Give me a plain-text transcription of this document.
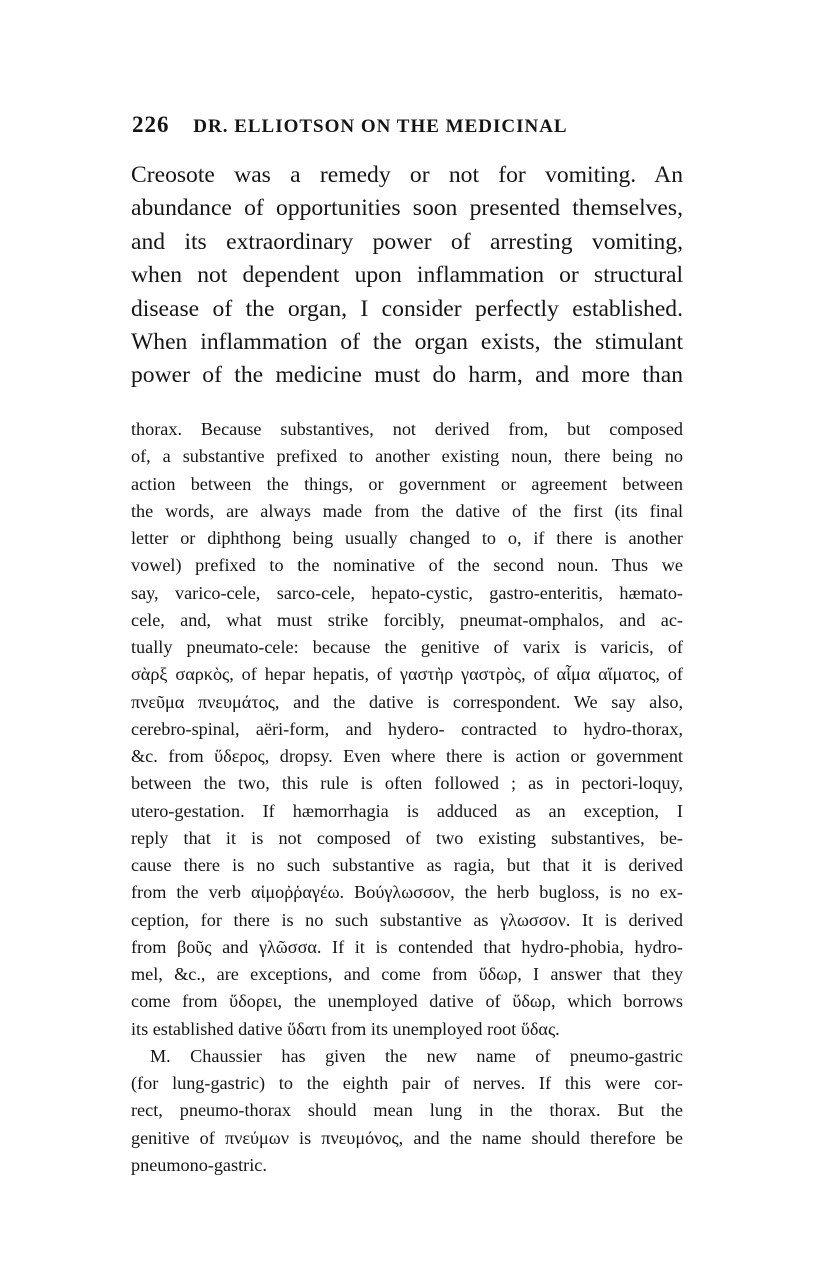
226 DR. ELLIOTSON ON THE MEDICINAL
Creosote was a remedy or not for vomiting. An
abundance of opportunities soon presented themselves,
and its extraordinary power of arresting vomiting,
when not dependent upon inflammation or structural
disease of the organ, I consider perfectly established.
When inflammation of the organ exists, the stimulant
power of the medicine must do harm, and more than
thorax. Because substantives, not derived from, but composed
of, a substantive prefixed to another existing noun, there being no
action between the things, or government or agreement between
the words, are always made from the dative of the first (its final
letter or diphthong being usually changed to o, if there is another
vowel) prefixed to the nominative of the second noun. Thus we
say, varico-cele, sarco-cele, hepato-cystic, gastro-enteritis, hæmato-
cele, and, what must strike forcibly, pneumat-omphalos, and ac-
tually pneumato-cele: because the genitive of varix is varicis, of
σὰρξ σαρκὸς, of hepar hepatis, of γαστὴρ γαστρὸς, of αἷμα αἵματος, of
πνεῦμα πνευμάτος, and the dative is correspondent. We say also,
cerebro-spinal, aëri-form, and hydero- contracted to hydro-thorax,
&c. from ὕδερος, dropsy. Even where there is action or government
between the two, this rule is often followed ; as in pectori-loquy,
utero-gestation. If hæmorrhagia is adduced as an exception, I
reply that it is not composed of two existing substantives, be-
cause there is no such substantive as ragia, but that it is derived
from the verb αἱμοῤῥαγέω. Βούγλωσσον, the herb bugloss, is no ex-
ception, for there is no such substantive as γλωσσον. It is derived
from βοῦς and γλῶσσα. If it is contended that hydro-phobia, hydro-
mel, &c., are exceptions, and come from ὕδωρ, I answer that they
come from ὕδορει, the unemployed dative of ὕδωρ, which borrows
its established dative ὕδατι from its unemployed root ὕδας.
M. Chaussier has given the new name of pneumo-gastric
(for lung-gastric) to the eighth pair of nerves. If this were cor-
rect, pneumo-thorax should mean lung in the thorax. But the
genitive of πνεύμων is πνευμόνος, and the name should therefore be
pneumono-gastric.
